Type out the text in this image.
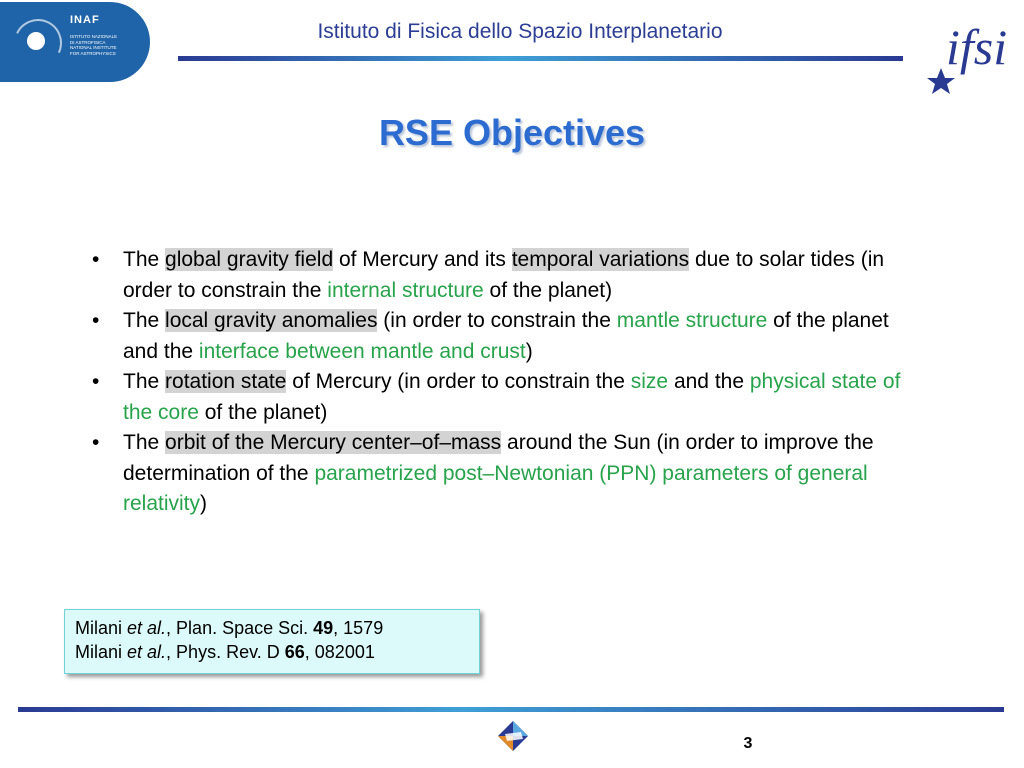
INAF
ISTITUTO NAZIONALE
DI ASTROFISICA
NATIONAL INSTITUTE
FOR ASTROPHYSICS
Istituto di Fisica dello Spazio Interplanetario	ifsi
RSE Objectives
• The global gravity field of Mercury and its temporal variations due to solar tides (in order to constrain the internal structure of the planet)
• The local gravity anomalies (in order to constrain the mantle structure of the planet and the interface between mantle and crust)
• The rotation state of Mercury (in order to constrain the size and the physical state of the core of the planet)
• The orbit of the Mercury center–of–mass around the Sun (in order to improve the determination of the parametrized post–Newtonian (PPN) parameters of general relativity)
Milani et al., Plan. Space Sci. 49, 1579
Milani et al., Phys. Rev. D 66, 082001
3
